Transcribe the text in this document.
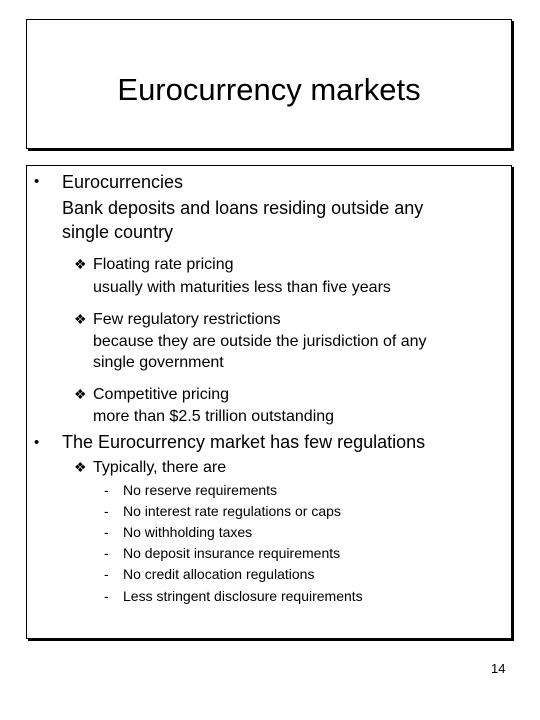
Eurocurrency markets
• Eurocurrencies
Bank deposits and loans residing outside any
single country
❖ Floating rate pricing
usually with maturities less than five years
❖ Few regulatory restrictions
because they are outside the jurisdiction of any
single government
❖ Competitive pricing
more than $2.5 trillion outstanding
• The Eurocurrency market has few regulations
❖ Typically, there are
- No reserve requirements
- No interest rate regulations or caps
- No withholding taxes
- No deposit insurance requirements
- No credit allocation regulations
- Less stringent disclosure requirements
14
